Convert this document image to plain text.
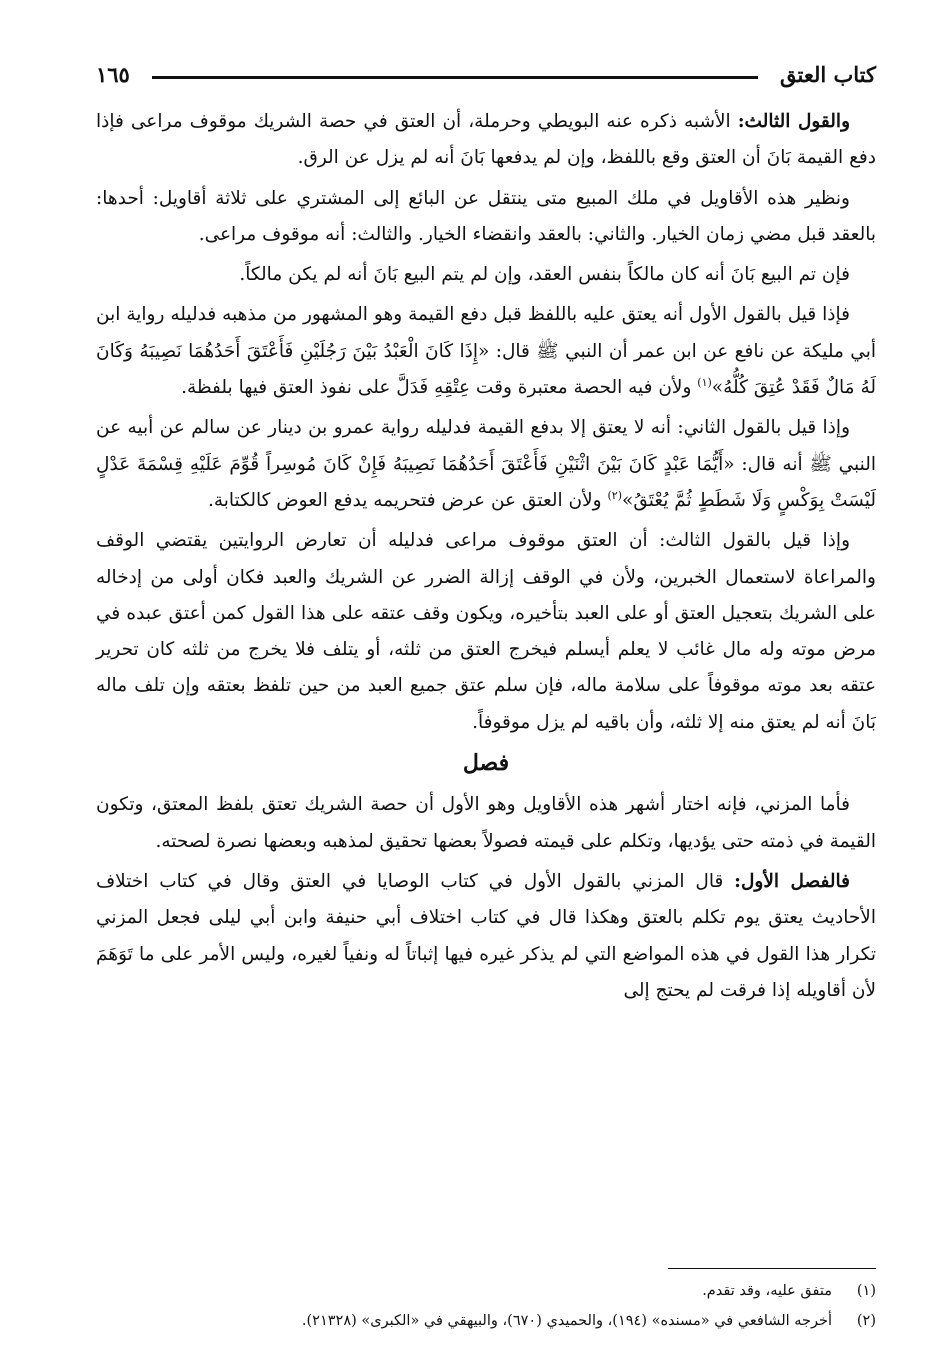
كتاب العتق
١٦٥

والقول الثالث: الأشبه ذكره عنه البويطي وحرملة، أن العتق في حصة الشريك موقوف مراعى فإذا دفع القيمة بَانَ أن العتق وقع باللفظ، وإن لم يدفعها بَانَ أنه لم يزل عن الرق.

ونظير هذه الأقاويل في ملك المبيع متى ينتقل عن البائع إلى المشتري على ثلاثة أقاويل: أحدها: بالعقد قبل مضي زمان الخيار. والثاني: بالعقد وانقضاء الخيار. والثالث: أنه موقوف مراعى.

فإن تم البيع بَانَ أنه كان مالكاً بنفس العقد، وإن لم يتم البيع بَانَ أنه لم يكن مالكاً.

فإذا قيل بالقول الأول أنه يعتق عليه باللفظ قبل دفع القيمة وهو المشهور من مذهبه فدليله رواية ابن أبي مليكة عن نافع عن ابن عمر أن النبي ﷺ قال: «إِذَا كَانَ الْعَبْدُ بَيْنَ رَجُلَيْنِ فَأَعْتَقَ أَحَدُهُمَا نَصِيبَهُ وَكَانَ لَهُ مَالٌ فَقَدْ عُتِقَ كُلُّهُ»$^{(١)}$ ولأن فيه الحصة معتبرة وقت عِتْقِهِ فَدَلَّ على نفوذ العتق فيها بلفظة.

وإذا قيل بالقول الثاني: أنه لا يعتق إلا بدفع القيمة فدليله رواية عمرو بن دينار عن سالم عن أبيه عن النبي ﷺ أنه قال: «أَيُّمَا عَبْدٍ كَانَ بَيْنَ اثْنَيْنِ فَأَعْتَقَ أَحَدُهُمَا نَصِيبَهُ فَإِنْ كَانَ مُوسِراً قُوِّمَ عَلَيْهِ قِسْمَةَ عَدْلٍ لَيْسَتْ بِوَكْسٍ وَلَا شَطَطٍ ثُمَّ يُعْتَقُ»$^{(٢)}$ ولأن العتق عن عرض فتحريمه يدفع العوض كالكتابة.

وإذا قيل بالقول الثالث: أن العتق موقوف مراعى فدليله أن تعارض الروايتين يقتضي الوقف والمراعاة لاستعمال الخبرين، ولأن في الوقف إزالة الضرر عن الشريك والعبد فكان أولى من إدخاله على الشريك بتعجيل العتق أو على العبد بتأخيره، ويكون وقف عتقه على هذا القول كمن أعتق عبده في مرض موته وله مال غائب لا يعلم أيسلم فيخرج العتق من ثلثه، أو يتلف فلا يخرج من ثلثه كان تحرير عتقه بعد موته موقوفاً على سلامة ماله، فإن سلم عتق جميع العبد من حين تلفظ بعتقه وإن تلف ماله بَانَ أنه لم يعتق منه إلا ثلثه، وأن باقيه لم يزل موقوفاً.

فصل

فأما المزني، فإنه اختار أشهر هذه الأقاويل وهو الأول أن حصة الشريك تعتق بلفظ المعتق، وتكون القيمة في ذمته حتى يؤديها، وتكلم على قيمته فصولاً بعضها تحقيق لمذهبه وبعضها نصرة لصحته.

فالفصل الأول: قال المزني بالقول الأول في كتاب الوصايا في العتق وقال في كتاب اختلاف الأحاديث يعتق يوم تكلم بالعتق وهكذا قال في كتاب اختلاف أبي حنيفة وابن أبي ليلى فجعل المزني تكرار هذا القول في هذه المواضع التي لم يذكر غيره فيها إثباتاً له ونفياً لغيره، وليس الأمر على ما تَوَهَمَ لأن أقاويله إذا فرقت لم يحتج إلى

(١)
متفق عليه، وقد تقدم.
(٢)
أخرجه الشافعي في «مسنده» (١٩٤)، والحميدي (٦٧٠)، والبيهقي في «الكبرى» (٢١٣٢٨).
